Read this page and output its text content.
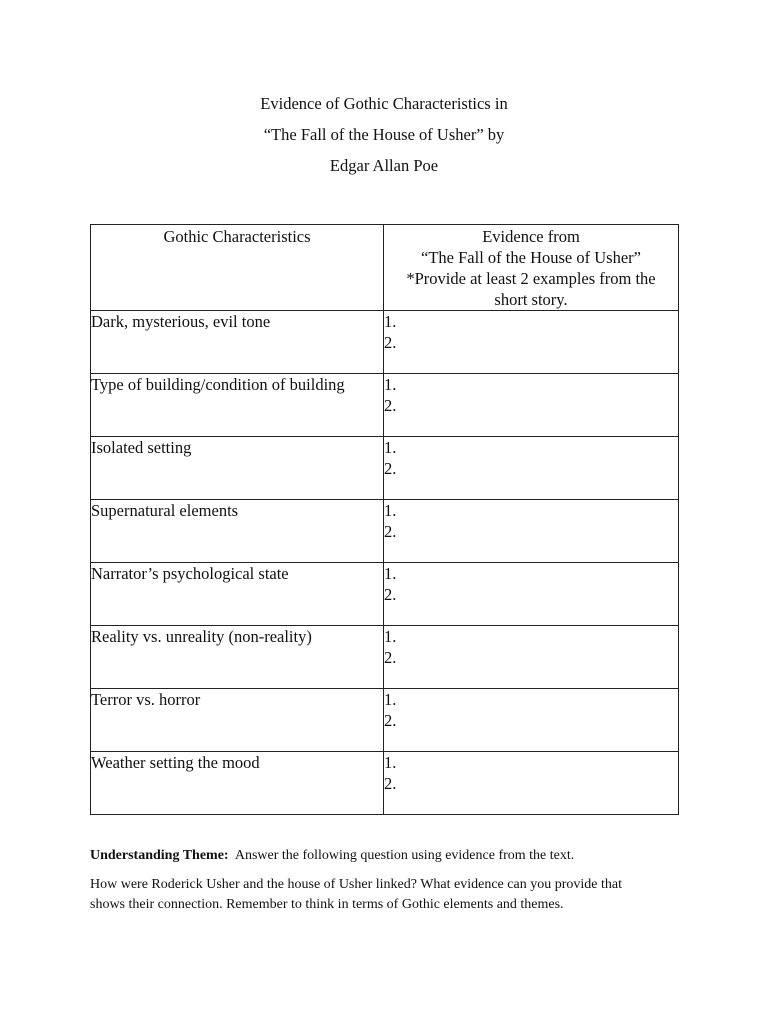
Evidence of Gothic Characteristics in
“The Fall of the House of Usher” by
Edgar Allan Poe
Gothic Characteristics	Evidence from
“The Fall of the House of Usher”
*Provide at least 2 examples from the
short story.

Dark, mysterious, evil tone	1.
2.

Type of building/condition of building	1.
2.

Isolated setting	1.
2.

Supernatural elements	1.
2.

Narrator’s psychological state	1.
2.

Reality vs. unreality (non-reality)	1.
2.

Terror vs. horror	1.
2.

Weather setting the mood	1.
2.
Understanding Theme: Answer the following question using evidence from the text.
How were Roderick Usher and the house of Usher linked? What evidence can you provide that
shows their connection. Remember to think in terms of Gothic elements and themes.
